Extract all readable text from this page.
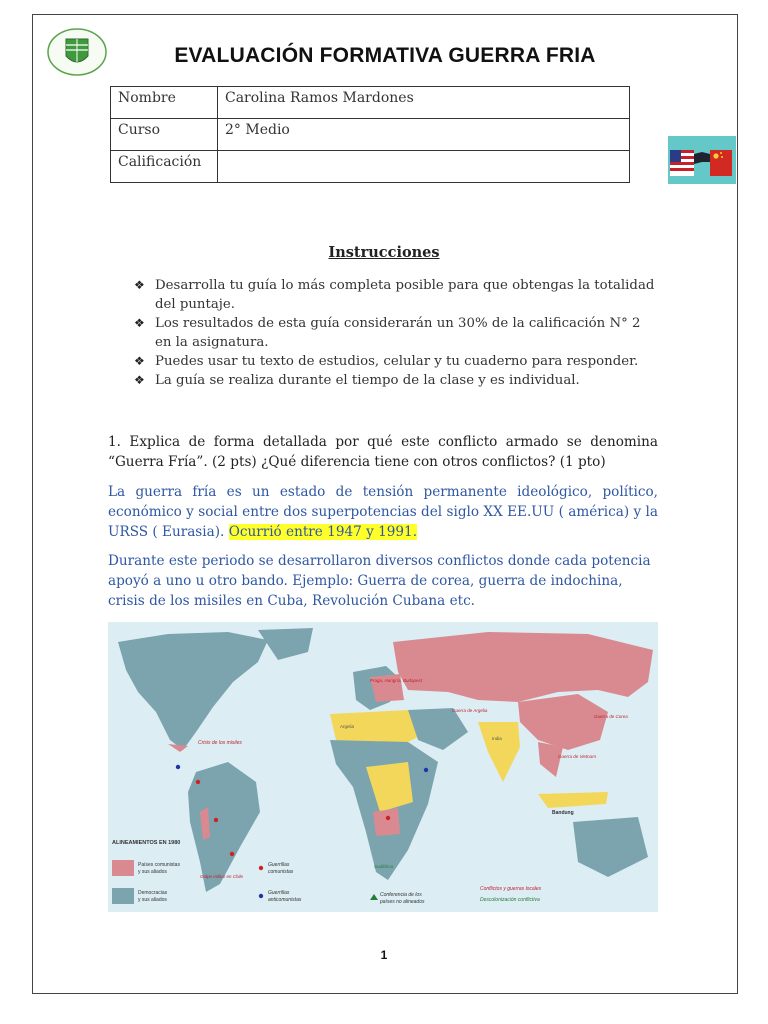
EVALUACIÓN FORMATIVA GUERRA FRIA
Nombre	Carolina Ramos Mardones
Curso	2° Medio
Calificación	
Instrucciones
❖ Desarrolla tu guía lo más completa posible para que obtengas la totalidad del puntaje.
❖ Los resultados de esta guía considerarán un 30% de la calificación N° 2 en la asignatura.
❖ Puedes usar tu texto de estudios, celular y tu cuaderno para responder.
❖ La guía se realiza durante el tiempo de la clase y es individual.
1. Explica de forma detallada por qué este conflicto armado se denomina “Guerra Fría”. (2 pts) ¿Qué diferencia tiene con otros conflictos? (1 pto)
La guerra fría es un estado de tensión permanente ideológico, político, económico y social entre dos superpotencias del siglo XX EE.UU ( américa) y la URSS ( Eurasia). Ocurrió entre 1947 y 1991.
Durante este periodo se desarrollaron diversos conflictos donde cada potencia apoyó a uno u otro bando. Ejemplo: Guerra de corea, guerra de indochina, crisis de los misiles en Cuba, Revolución Cubana etc.
Crisis de los misiles
Praga, Hungría, Budapest
Argelia
Guerra de Argelia
India
Guerra de Corea
Guerra de Vietnam
Bandung
Sudáfrica
Golpe militar en Chile
ALINEAMIENTOS EN 1980
Países comunistas
y sus aliados
Democracias
y sus aliados
Guerrillas
comunistas
Guerrillas
anticomunistas
Conferencia de los
países no alineados
Conflictos y guerras locales
Descolonización conflictiva
1
